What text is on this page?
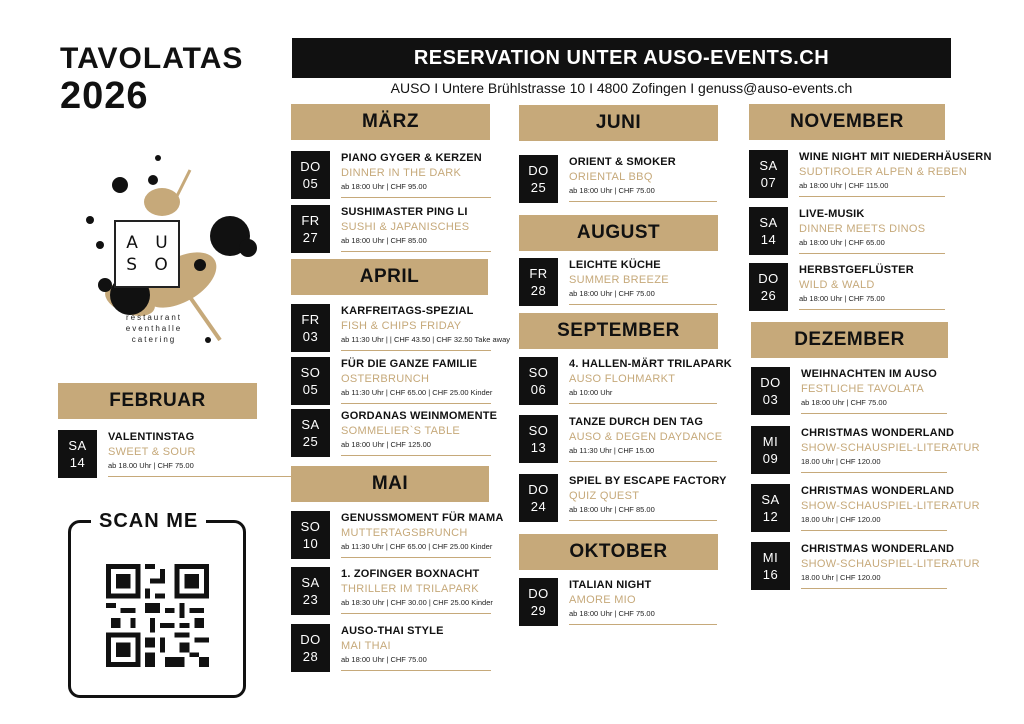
TAVOLATAS
2026
A U
S O
restaurant
eventhalle
catering
RESERVATION UNTER AUSO-EVENTS.CH
AUSO I Untere Brühlstrasse 10 I 4800 Zofingen I genuss@auso-events.ch
FEBRUAR
SA
14
VALENTINSTAG
SWEET & SOUR
ab 18.00 Uhr | CHF 75.00
MÄRZ
DO
05
PIANO GYGER & KERZEN
DINNER IN THE DARK
ab 18:00 Uhr | CHF 95.00
FR
27
SUSHIMASTER PING LI
SUSHI & JAPANISCHES
ab 18:00 Uhr | CHF 85.00
APRIL
FR
03
KARFREITAGS-SPEZIAL
FISH & CHIPS FRIDAY
ab 11:30 Uhr | | CHF 43.50 | CHF 32.50 Take away
SO
05
FÜR DIE GANZE FAMILIE
OSTERBRUNCH
ab 11:30 Uhr | CHF 65.00 | CHF 25.00 Kinder
SA
25
GORDANAS WEINMOMENTE
SOMMELIER`S TABLE
ab 18:00 Uhr | CHF 125.00
MAI
SO
10
GENUSSMOMENT FÜR MAMA
MUTTERTAGSBRUNCH
ab 11:30 Uhr | CHF 65.00 | CHF 25.00 Kinder
SA
23
1. ZOFINGER BOXNACHT
THRILLER IM TRILAPARK
ab 18:30 Uhr | CHF 30.00 | CHF 25.00 Kinder
DO
28
AUSO-THAI STYLE
MAI THAI
ab 18:00 Uhr | CHF 75.00
JUNI
DO
25
ORIENT & SMOKER
ORIENTAL BBQ
ab 18:00 Uhr | CHF 75.00
AUGUST
FR
28
LEICHTE KÜCHE
SUMMER BREEZE
ab 18:00 Uhr | CHF 75.00
SEPTEMBER
SO
06
4. HALLEN-MÄRT TRILAPARK
AUSO FLOHMARKT
ab 10:00 Uhr
SO
13
TANZE DURCH DEN TAG
AUSO & DEGEN DAYDANCE
ab 11:30 Uhr | CHF 15.00
DO
24
SPIEL BY ESCAPE FACTORY
QUIZ QUEST
ab 18:00 Uhr | CHF 85.00
OKTOBER
DO
29
ITALIAN NIGHT
AMORE MIO
ab 18:00 Uhr | CHF 75.00
NOVEMBER
SA
07
WINE NIGHT MIT NIEDERHÄUSERN
SUDTIROLER ALPEN & REBEN
ab 18:00 Uhr | CHF 115.00
SA
14
LIVE-MUSIK
DINNER MEETS DINOS
ab 18:00 Uhr | CHF 65.00
DO
26
HERBSTGEFLÜSTER
WILD & WALD
ab 18:00 Uhr | CHF 75.00
DEZEMBER
DO
03
WEIHNACHTEN IM AUSO
FESTLICHE TAVOLATA
ab 18:00 Uhr | CHF 75.00
MI
09
CHRISTMAS WONDERLAND
SHOW-SCHAUSPIEL-LITERATUR
18.00 Uhr | CHF 120.00
SA
12
CHRISTMAS WONDERLAND
SHOW-SCHAUSPIEL-LITERATUR
18.00 Uhr | CHF 120.00
MI
16
CHRISTMAS WONDERLAND
SHOW-SCHAUSPIEL-LITERATUR
18.00 Uhr | CHF 120.00
SCAN ME
